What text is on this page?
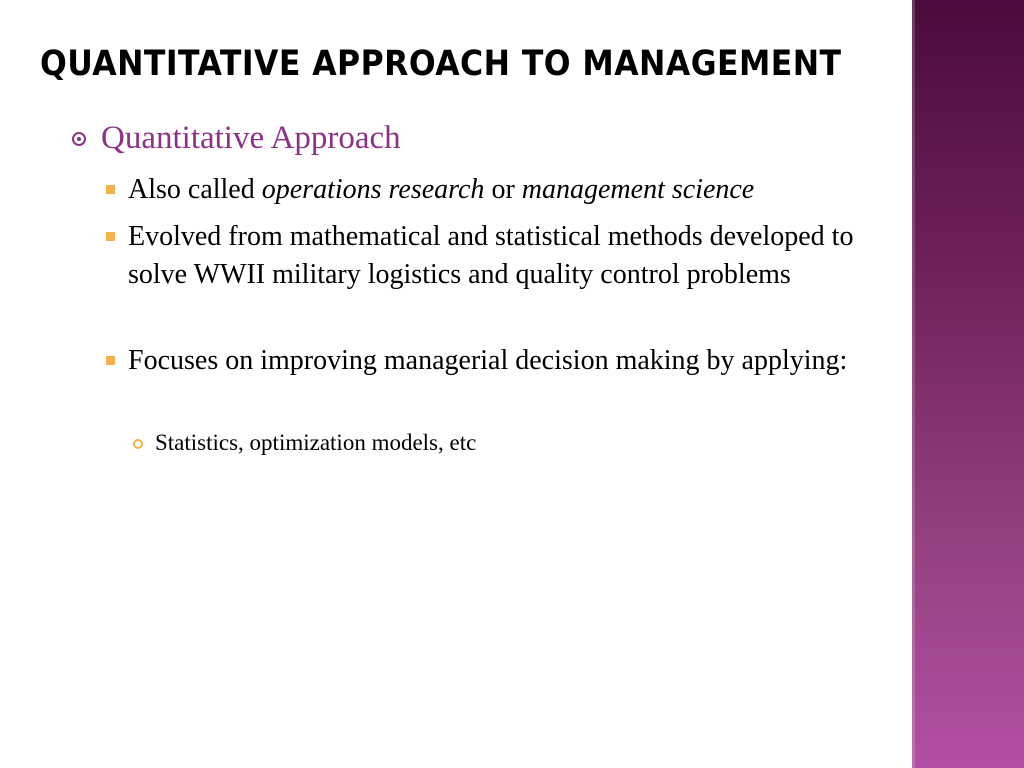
QUANTITATIVE APPROACH TO MANAGEMENT
Quantitative Approach
Also called operations research or management science
Evolved from mathematical and statistical methods developed to solve WWII military logistics and quality control problems
Focuses on improving managerial decision making by applying:
Statistics, optimization models, etc
